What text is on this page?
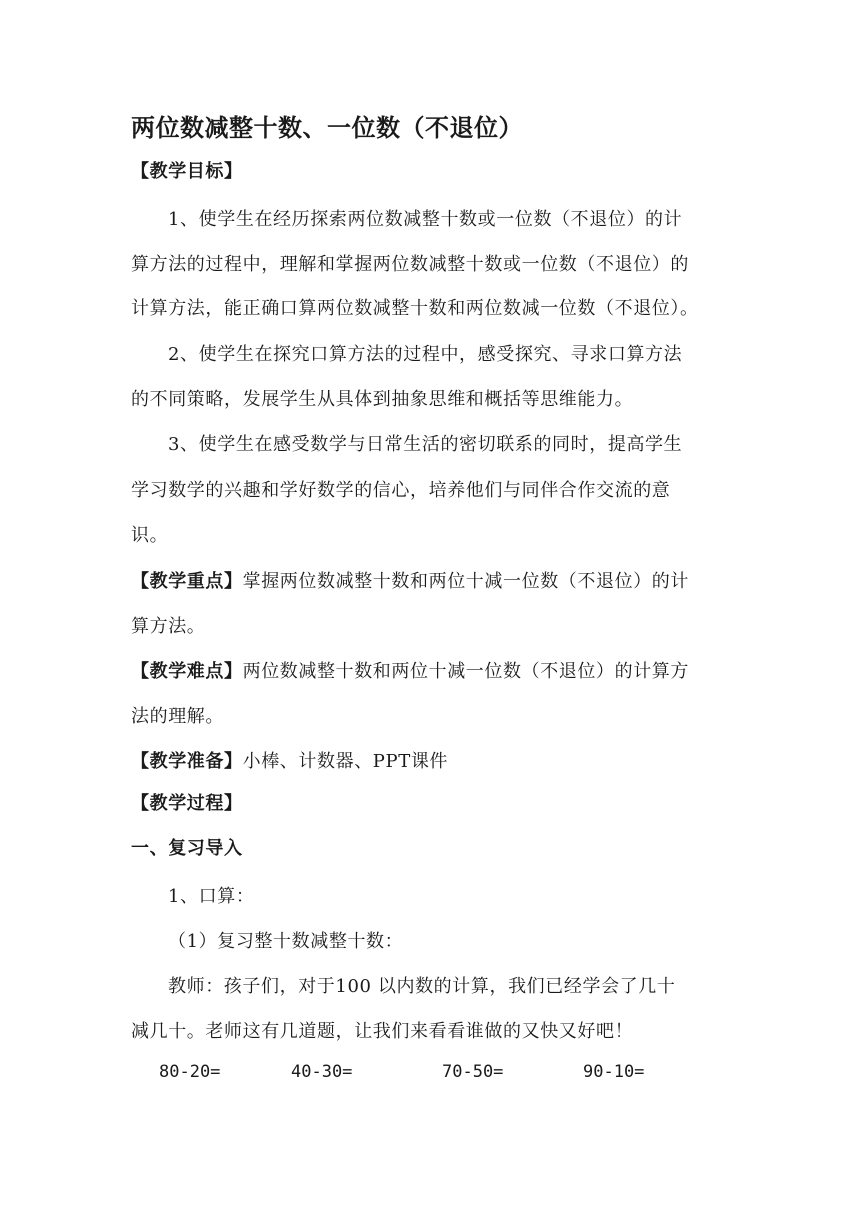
两位数减整十数、一位数（不退位）
【教学目标】
1、使学生在经历探索两位数减整十数或一位数（不退位）的计
算方法的过程中，理解和掌握两位数减整十数或一位数（不退位）的
计算方法，能正确口算两位数减整十数和两位数减一位数（不退位）。
2、使学生在探究口算方法的过程中，感受探究、寻求口算方法
的不同策略，发展学生从具体到抽象思维和概括等思维能力。
3、使学生在感受数学与日常生活的密切联系的同时，提高学生
学习数学的兴趣和学好数学的信心，培养他们与同伴合作交流的意
识。
【教学重点】掌握两位数减整十数和两位十减一位数（不退位）的计
算方法。
【教学难点】两位数减整十数和两位十减一位数（不退位）的计算方
法的理解。
【教学准备】小棒、计数器、PPT课件
【教学过程】
一、复习导入
1、口算：
（1）复习整十数减整十数：
教师：孩子们，对于100 以内数的计算，我们已经学会了几十
减几十。老师这有几道题，让我们来看看谁做的又快又好吧！
80-20=	40-30=	70-50=	90-10=
